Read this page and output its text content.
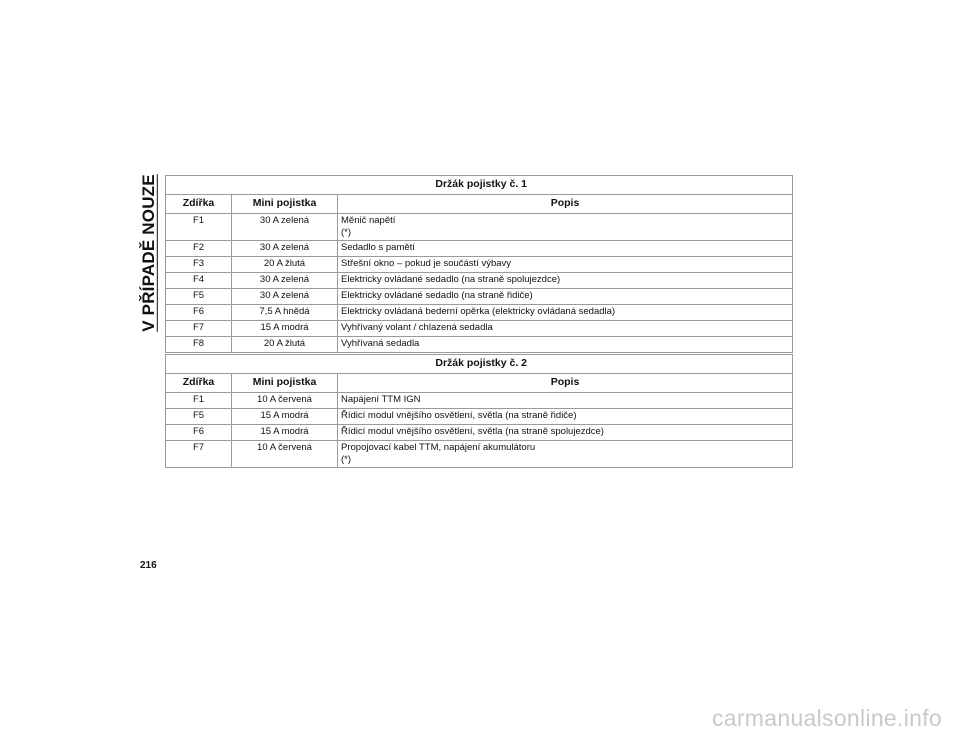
V PŘÍPADĚ NOUZE	Držák pojistky č. 1		
Zdířka	Mini pojistka	Popis
F1	30 A zelená	Měnič napětí
(*)

F2	30 A zelená	Sedadlo s pamětí
F3	20 A žlutá	Střešní okno – pokud je součástí výbavy
F4	30 A zelená	Elektricky ovládané sedadlo (na straně spolujezdce)
F5	30 A zelená	Elektricky ovládané sedadlo (na straně řidiče)
F6	7,5 A hnědá	Elektricky ovládaná bederní opěrka (elektricky ovládaná sedadla)
F7	15 A modrá	Vyhřívaný volant / chlazená sedadla
F8	20 A žlutá	Vyhřívaná sedadla
Držák pojistky č. 2		
Zdířka	Mini pojistka	Popis
F1	10 A červená	Napájení TTM IGN
F5	15 A modrá	Řídicí modul vnějšího osvětlení, světla (na straně řidiče)
F6	15 A modrá	Řídicí modul vnějšího osvětlení, světla (na straně spolujezdce)
F7	10 A červená	Propojovací kabel TTM, napájení akumulátoru
(*)
216
carmanualsonline.info
